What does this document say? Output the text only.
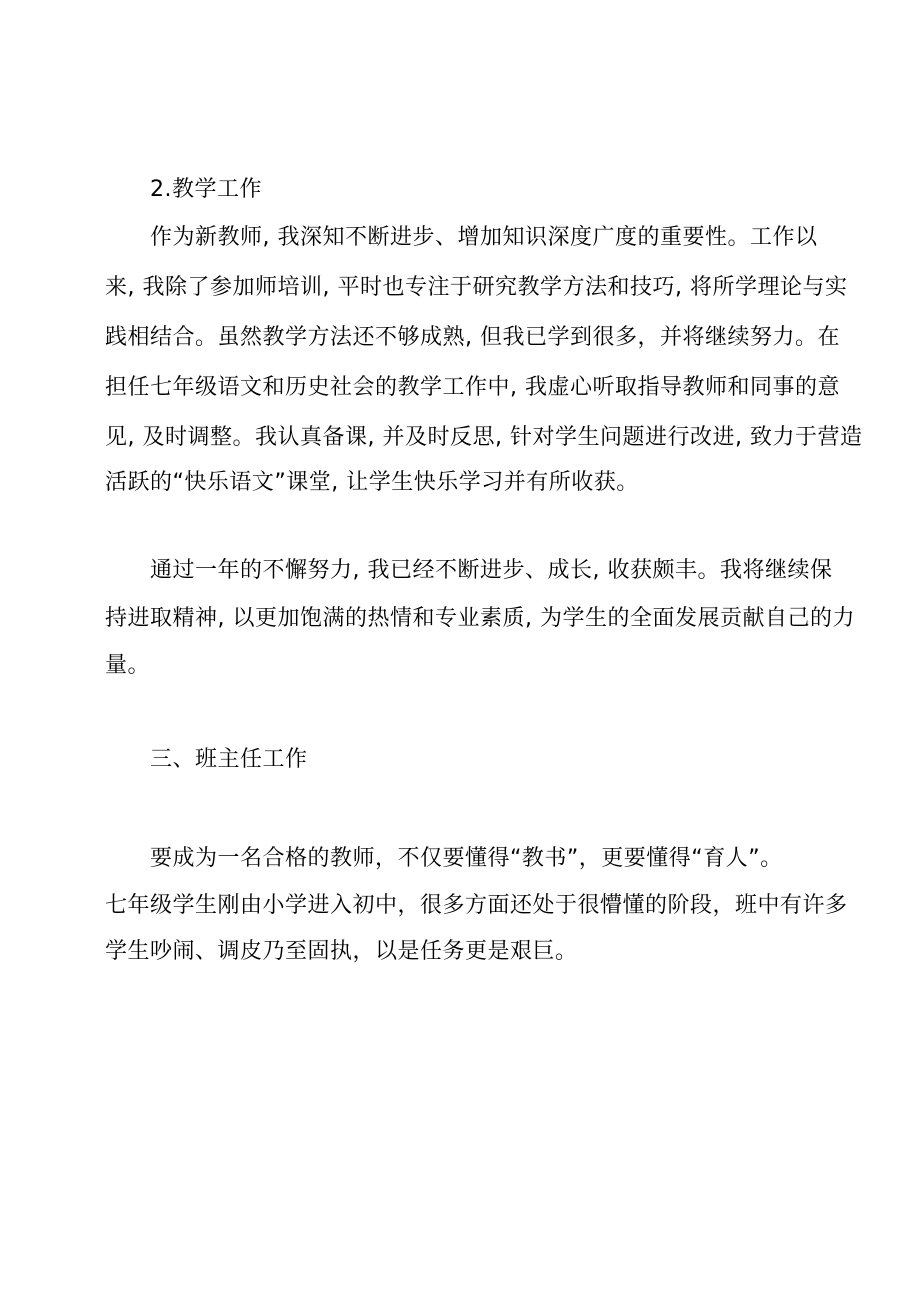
2.教学工作
作为新教师, 我深知不断进步、增加知识深度广度的重要性。工作以
来, 我除了参加师培训, 平时也专注于研究教学方法和技巧, 将所学理论与实
践相结合。虽然教学方法还不够成熟, 但我已学到很多，并将继续努力。在
担任七年级语文和历史社会的教学工作中, 我虚心听取指导教师和同事的意
见, 及时调整。我认真备课, 并及时反思, 针对学生问题进行改进, 致力于营造
活跃的“快乐语文”课堂, 让学生快乐学习并有所收获。
通过一年的不懈努力, 我已经不断进步、成长, 收获颇丰。我将继续保
持进取精神, 以更加饱满的热情和专业素质, 为学生的全面发展贡献自己的力
量。
三、班主任工作
要成为一名合格的教师，不仅要懂得“教书”，更要懂得“育人”。
七年级学生刚由小学进入初中，很多方面还处于很懵懂的阶段，班中有许多
学生吵闹、调皮乃至固执，以是任务更是艰巨。
